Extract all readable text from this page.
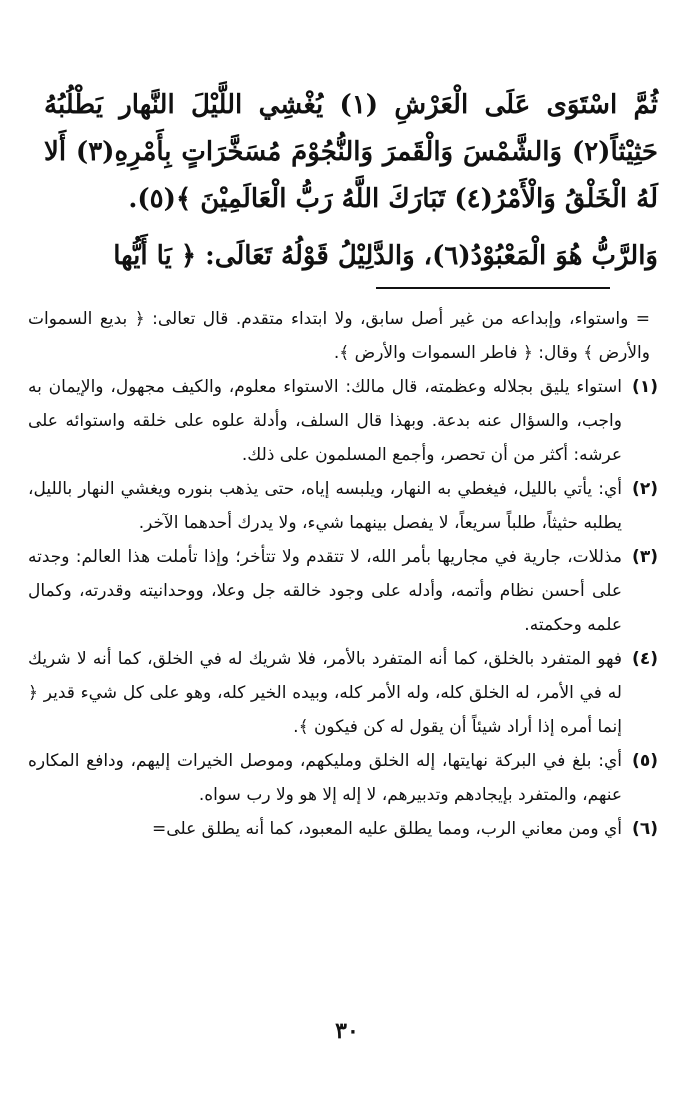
ثُمَّ اسْتَوَى عَلَى الْعَرْشِ (١) يُغْشِي اللَّيْلَ النَّهار يَطْلُبُهُ حَثِيْثاً(٢) وَالشَّمْسَ وَالْقَمرَ وَالنُّجُوْمَ مُسَخَّرَاتٍ بِأَمْرِهِ(٣) أَلا لَهُ الْخَلْقُ وَالْأَمْرُ(٤) تَبَارَكَ اللَّهُ رَبُّ الْعَالَمِيْنَ ﴾(٥).

وَالرَّبُّ هُوَ الْمَعْبُوْدُ(٦)، وَالدَّلِيْلُ قَوْلُهُ تَعَالَى: ﴿ يَا أَيُّها

= واستواء، وإبداعه من غير أصل سابق، ولا ابتداء متقدم. قال تعالى: ﴿ بديع السموات والأرض ﴾ وقال: ﴿ فاطر السموات والأرض ﴾.

(١)
استواء يليق بجلاله وعظمته، قال مالك: الاستواء معلوم، والكيف مجهول، والإيمان به واجب، والسؤال عنه بدعة. وبهذا قال السلف، وأدلة علوه على خلقه واستوائه على عرشه: أكثر من أن تحصر، وأجمع المسلمون على ذلك.

(٢)
أي: يأتي بالليل، فيغطي به النهار، ويلبسه إياه، حتى يذهب بنوره ويغشي النهار بالليل، يطلبه حثيثاً، طلباً سريعاً، لا يفصل بينهما شيء، ولا يدرك أحدهما الآخر.

(٣)
مذللات، جارية في مجاريها بأمر الله، لا تتقدم ولا تتأخر؛ وإذا تأملت هذا العالم: وجدته على أحسن نظام وأتمه، وأدله على وجود خالقه جل وعلا، ووحدانيته وقدرته، وكمال علمه وحكمته.

(٤)
فهو المتفرد بالخلق، كما أنه المتفرد بالأمر، فلا شريك له في الخلق، كما أنه لا شريك له في الأمر، له الخلق كله، وله الأمر كله، وبيده الخير كله، وهو على كل شيء قدير ﴿ إنما أمره إذا أراد شيئاً أن يقول له كن فيكون ﴾.

(٥)
أي: بلغ في البركة نهايتها، إله الخلق ومليكهم، وموصل الخيرات إليهم، ودافع المكاره عنهم، والمتفرد بإيجادهم وتدبيرهم، لا إله إلا هو ولا رب سواه.

(٦)
أي ومن معاني الرب، ومما يطلق عليه المعبود، كما أنه يطلق على=

٣٠
